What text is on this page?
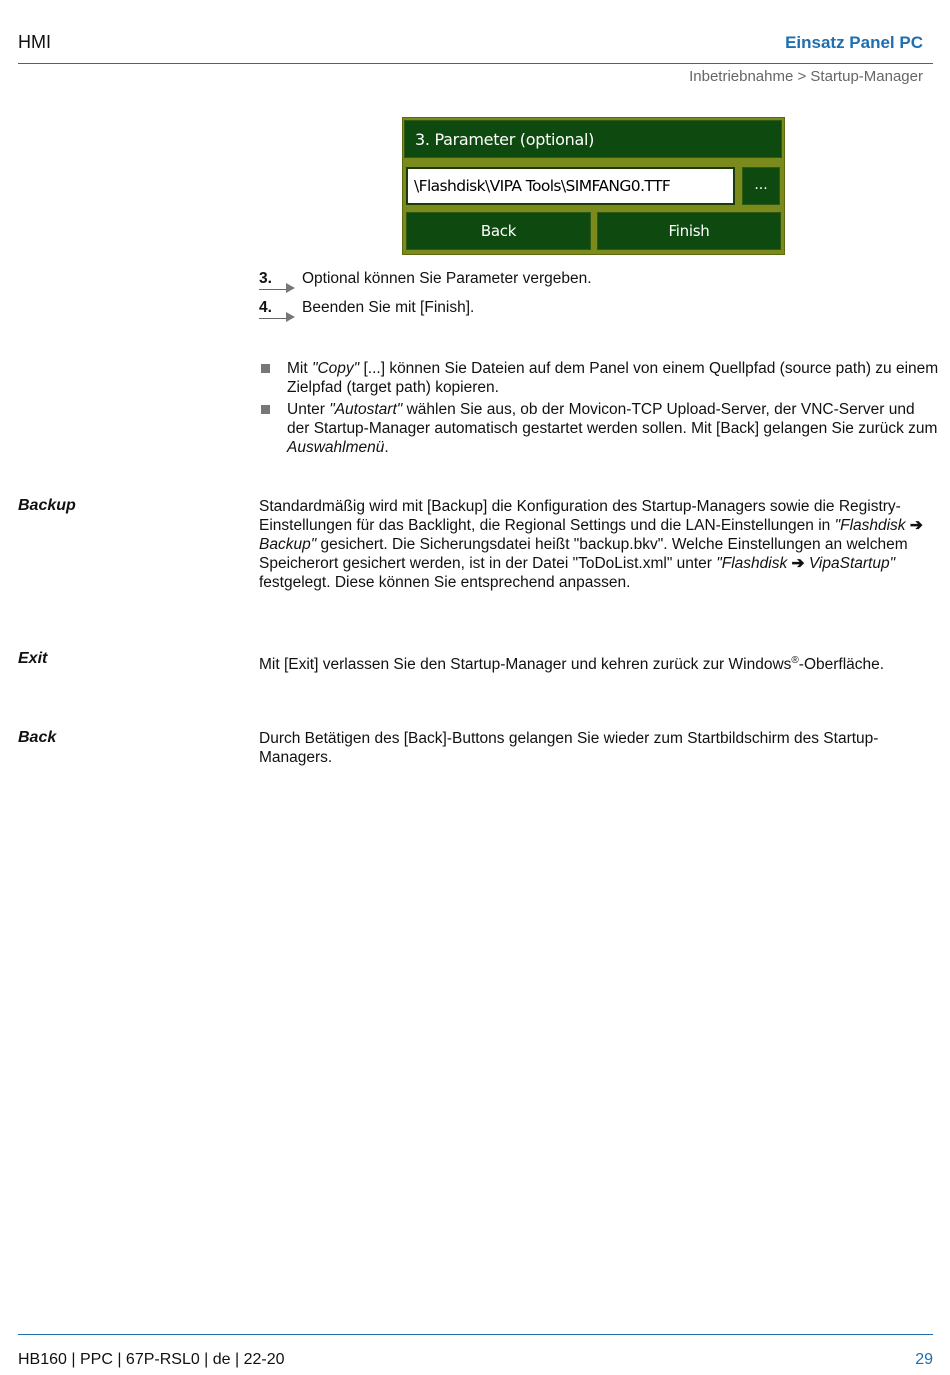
HMI	Einsatz Panel PC
Inbetriebnahme > Startup-Manager
3. Parameter (optional)
\Flashdisk\VIPA Tools\SIMFANG0.TTF	...
Back	Finish
3. Optional können Sie Parameter vergeben.
4. Beenden Sie mit [Finish].
Mit "Copy" [...] können Sie Dateien auf dem Panel von einem Quellpfad (source path) zu einem Zielpfad (target path) kopieren.
Unter "Autostart" wählen Sie aus, ob der Movicon-TCP Upload-Server, der VNC-Server und der Startup-Manager automatisch gestartet werden sollen. Mit [Back] gelangen Sie zurück zum Auswahlmenü.
Backup	Standardmäßig wird mit [Backup] die Konfiguration des Startup-Managers sowie die Registry-Einstellungen für das Backlight, die Regional Settings und die LAN-Einstellungen in "Flashdisk ➔ Backup" gesichert. Die Sicherungsdatei heißt "backup.bkv". Welche Einstellungen an welchem Speicherort gesichert werden, ist in der Datei "ToDoList.xml" unter "Flashdisk ➔ VipaStartup" festgelegt. Diese können Sie entsprechend anpassen.
Exit	Mit [Exit] verlassen Sie den Startup-Manager und kehren zurück zur Windows®-Oberfläche.
Back	Durch Betätigen des [Back]-Buttons gelangen Sie wieder zum Startbildschirm des Startup-Managers.
HB160 | PPC | 67P-RSL0 | de | 22-20	29
